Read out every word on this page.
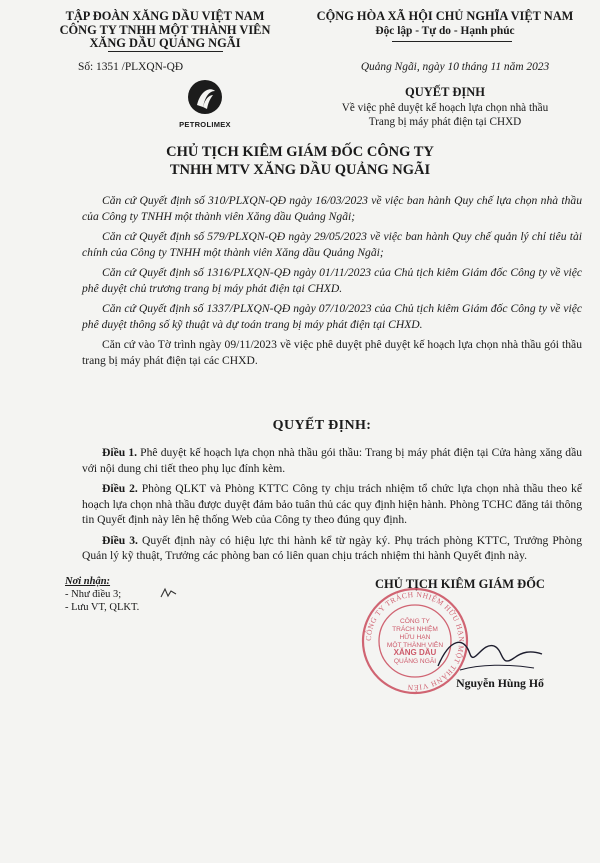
TẬP ĐOÀN XĂNG DẦU VIỆT NAM
CÔNG TY TNHH MỘT THÀNH VIÊN
XĂNG DẦU QUẢNG NGÃI
Số: 1351 /PLXQN-QĐ
PETROLIMEX
CỘNG HÒA XÃ HỘI CHỦ NGHĨA VIỆT NAM
Độc lập - Tự do - Hạnh phúc
Quảng Ngãi, ngày 10 tháng 11 năm 2023
QUYẾT ĐỊNH
Về việc phê duyệt kế hoạch lựa chọn nhà thầu
Trang bị máy phát điện tại CHXD
CHỦ TỊCH KIÊM GIÁM ĐỐC CÔNG TY
TNHH MTV XĂNG DẦU QUẢNG NGÃI

Căn cứ Quyết định số 310/PLXQN-QĐ ngày 16/03/2023 về việc ban hành Quy chế lựa chọn nhà thầu của Công ty TNHH một thành viên Xăng dầu Quảng Ngãi;

Căn cứ Quyết định số 579/PLXQN-QĐ ngày 29/05/2023 về việc ban hành Quy chế quản lý chỉ tiêu tài chính của Công ty TNHH một thành viên Xăng dầu Quảng Ngãi;

Căn cứ Quyết định số 1316/PLXQN-QĐ ngày 01/11/2023 của Chủ tịch kiêm Giám đốc Công ty về việc phê duyệt chủ trương trang bị máy phát điện tại CHXD.

Căn cứ Quyết định số 1337/PLXQN-QĐ ngày 07/10/2023 của Chủ tịch kiêm Giám đốc Công ty về việc phê duyệt thông số kỹ thuật và dự toán trang bị máy phát điện tại CHXD.

Căn cứ vào Tờ trình ngày 09/11/2023 về việc phê duyệt phê duyệt kế hoạch lựa chọn nhà thầu gói thầu trang bị máy phát điện tại các CHXD.

QUYẾT ĐỊNH:

Điều 1. Phê duyệt kế hoạch lựa chọn nhà thầu gói thầu: Trang bị máy phát điện tại Cửa hàng xăng dầu với nội dung chi tiết theo phụ lục đính kèm.

Điều 2. Phòng QLKT và Phòng KTTC Công ty chịu trách nhiệm tổ chức lựa chọn nhà thầu theo kế hoạch lựa chọn nhà thầu được duyệt đảm bảo tuân thủ các quy định hiện hành. Phòng TCHC đăng tải thông tin Quyết định này lên hệ thống Web của Công ty theo đúng quy định.

Điều 3. Quyết định này có hiệu lực thi hành kể từ ngày ký. Phụ trách phòng KTTC, Trưởng Phòng Quản lý kỹ thuật, Trưởng các phòng ban có liên quan chịu trách nhiệm thi hành Quyết định này.

Nơi nhận:
- Như điều 3;
- Lưu VT, QLKT.
CHỦ TỊCH KIÊM GIÁM ĐỐC
CÔNG TY TRÁCH NHIỆM HỮU HẠN MỘT THÀNH VIÊN
CÔNG TY
TRÁCH NHIỆM
HỮU HẠN
MỘT THÀNH VIÊN
XĂNG DẦU
QUẢNG NGÃI
Nguyễn Hùng Hổ
